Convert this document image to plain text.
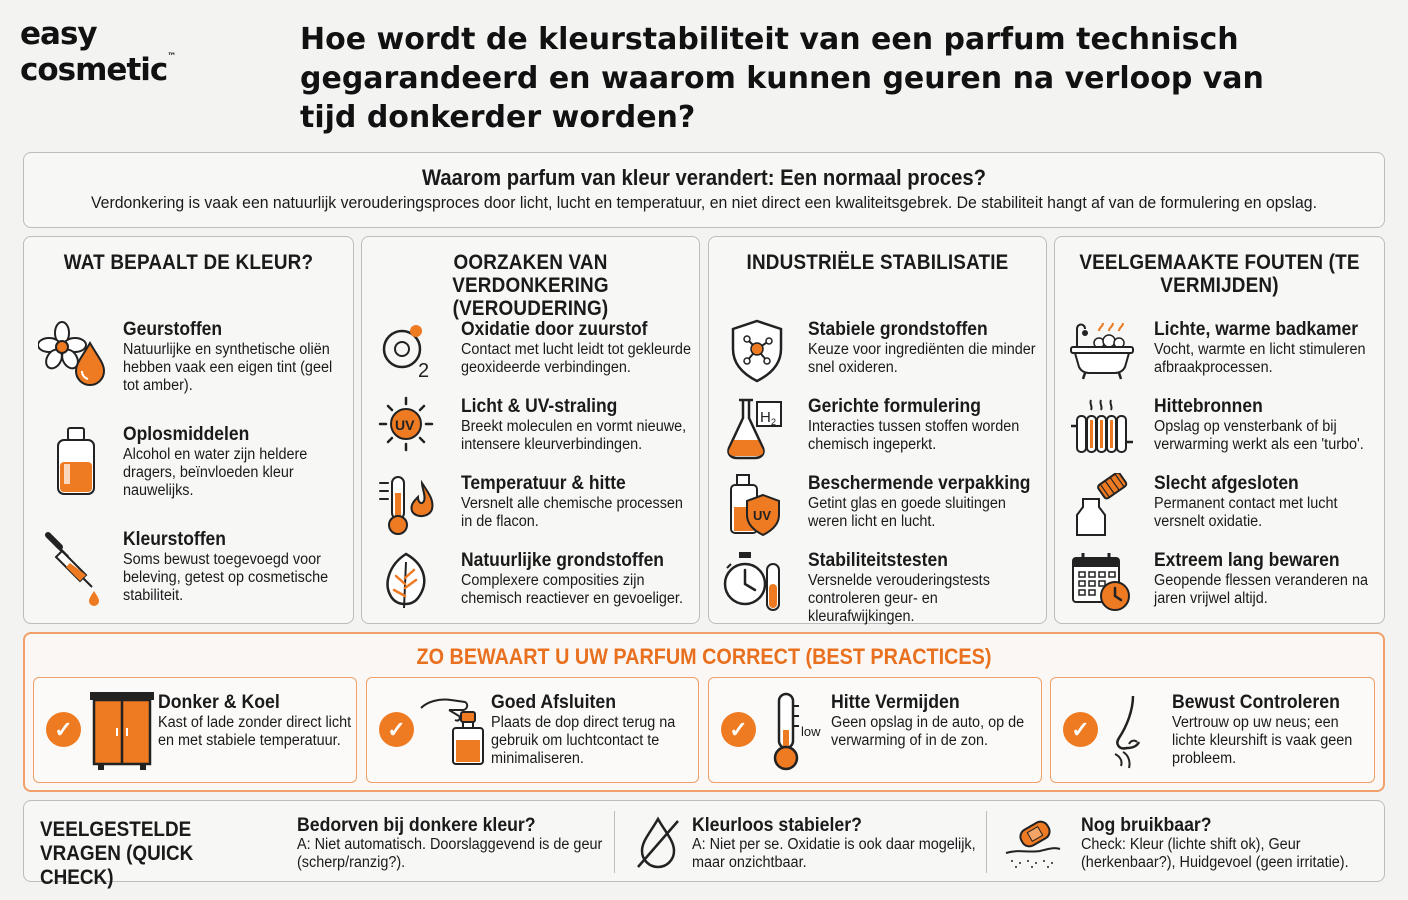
easy
cosmetic™	Hoe wordt de kleurstabiliteit van een parfum technisch gegarandeerd en waarom kunnen geuren na verloop van tijd donkerder worden?
Waarom parfum van kleur verandert: Een normaal proces?

Verdonkering is vaak een natuurlijk verouderingsproces door licht, lucht en temperatuur, en niet direct een kwaliteitsgebrek. De stabiliteit hangt af van de formulering en opslag.

WAT BEPAALT DE KLEUR?
Geurstoffen
Natuurlijke en synthetische oliën hebben vaak een eigen tint (geel tot amber).
Oplosmiddelen
Alcohol en water zijn heldere dragers, beïnvloeden kleur nauwelijks.
Kleurstoffen
Soms bewust toegevoegd voor beleving, getest op cosmetische stabiliteit.
OORZAKEN VAN VERDONKERING (VEROUDERING)
2
Oxidatie door zuurstof
Contact met lucht leidt tot gekleurde geoxideerde verbindingen.
UV
Licht & UV-straling
Breekt moleculen en vormt nieuwe, intensere kleurverbindingen.
Temperatuur & hitte
Versnelt alle chemische processen in de flacon.
Natuurlijke grondstoffen
Complexere composities zijn chemisch reactiever en gevoeliger.
INDUSTRIËLE STABILISATIE
Stabiele grondstoffen
Keuze voor ingrediënten die minder snel oxideren.
H 2
Gerichte formulering
Interacties tussen stoffen worden chemisch ingeperkt.
UV
Beschermende verpakking
Getint glas en goede sluitingen weren licht en lucht.
Stabiliteitstesten
Versnelde verouderingstests controleren geur- en kleurafwijkingen.
VEELGEMAAKTE FOUTEN (TE VERMIJDEN)
Lichte, warme badkamer
Vocht, warmte en licht stimuleren afbraakprocessen.
Hittebronnen
Opslag op vensterbank of bij verwarming werkt als een 'turbo'.
Slecht afgesloten
Permanent contact met lucht versnelt oxidatie.
Extreem lang bewaren
Geopende flessen veranderen na jaren vrijwel altijd.
ZO BEWAART U UW PARFUM CORRECT (BEST PRACTICES)
✓
Donker & Koel
Kast of lade zonder direct licht en met stabiele temperatuur.	✓
Goed Afsluiten
Plaats de dop direct terug na gebruik om luchtcontact te minimaliseren.
✓	low
Hitte Vermijden
Geen opslag in de auto, op de verwarming of in de zon.	✓
Bewust Controleren
Vertrouw op uw neus; een lichte kleurshift is vaak geen probleem.
VEELGESTELDE VRAGEN (QUICK CHECK)
Bedorven bij donkere kleur?
A: Niet automatisch. Doorslaggevend is de geur (scherp/ranzig?).
Kleurloos stabieler?
A: Niet per se. Oxidatie is ook daar mogelijk, maar onzichtbaar.
Nog bruikbaar?
Check: Kleur (lichte shift ok), Geur (herkenbaar?), Huidgevoel (geen irritatie).
